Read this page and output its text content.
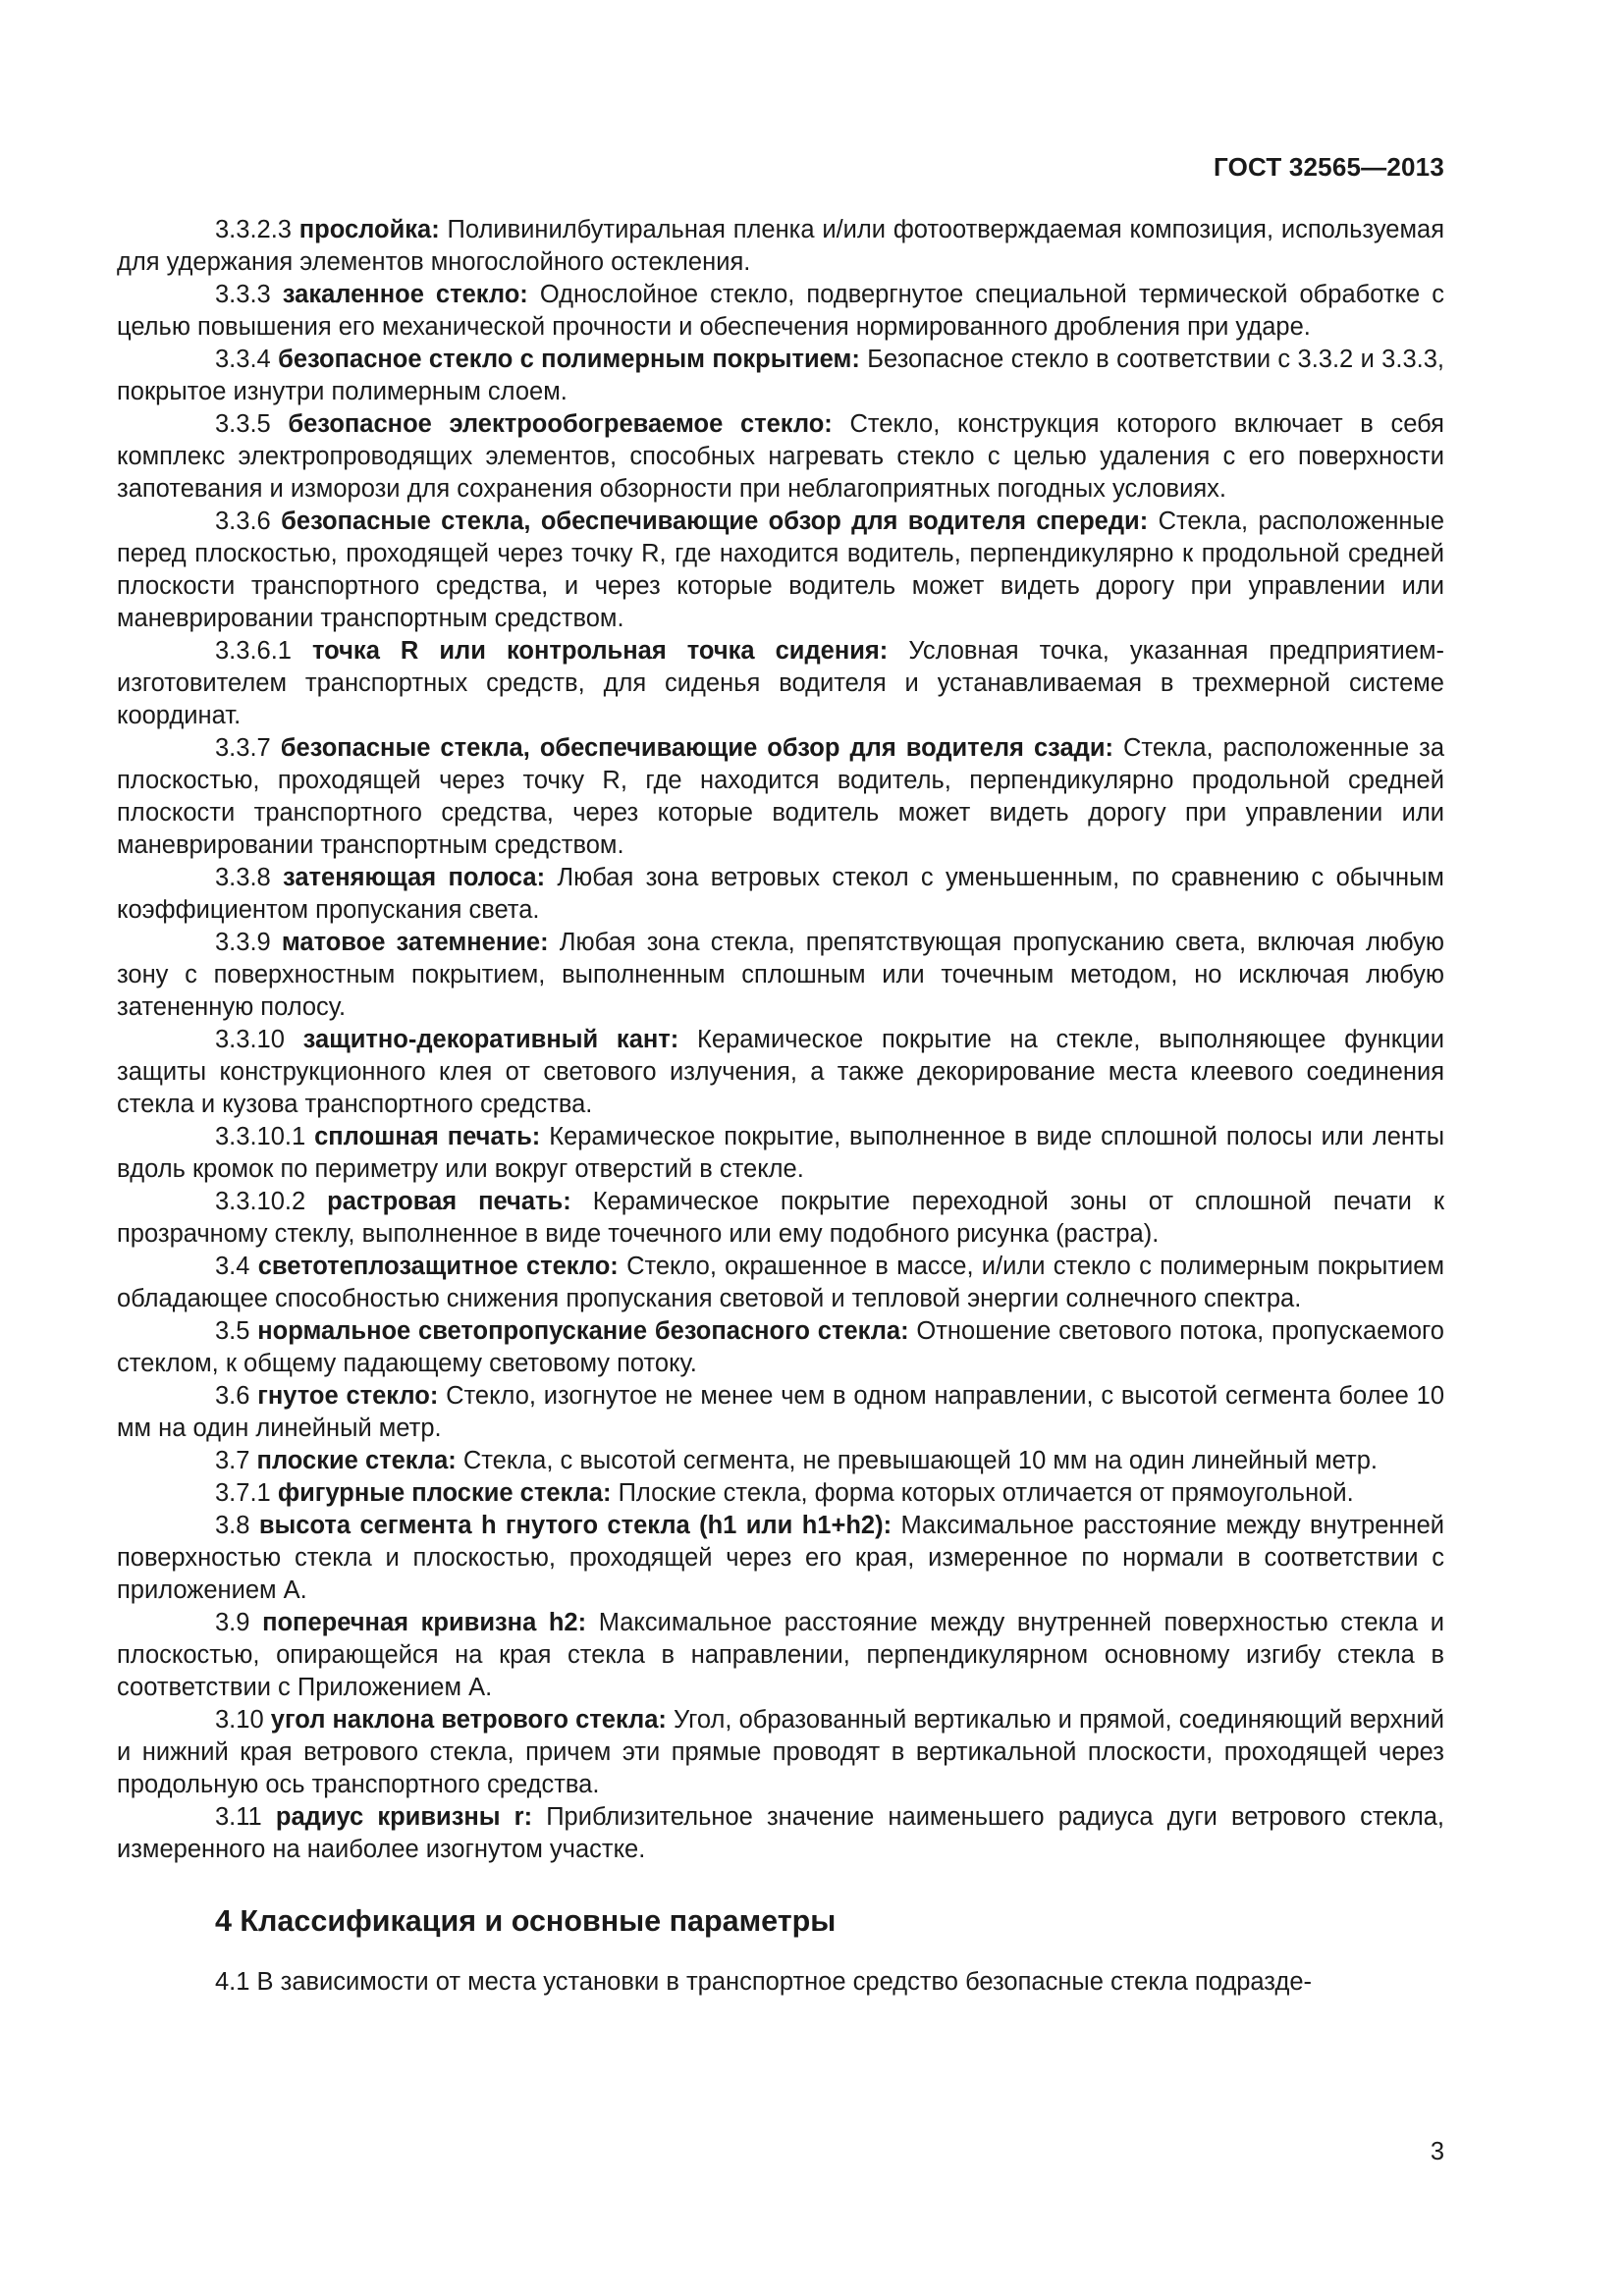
ГОСТ 32565—2013

3.3.2.3 прослойка: Поливинилбутиральная пленка и/или фотоотверждаемая композиция, используемая для удержания элементов многослойного остекления.

3.3.3 закаленное стекло: Однослойное стекло, подвергнутое специальной термической обработке с целью повышения его механической прочности и обеспечения нормированного дробления при ударе.

3.3.4 безопасное стекло с полимерным покрытием: Безопасное стекло в соответствии с 3.3.2 и 3.3.3, покрытое изнутри полимерным слоем.

3.3.5 безопасное электрообогреваемое стекло: Стекло, конструкция которого включает в себя комплекс электропроводящих элементов, способных нагревать стекло с целью удаления с его поверхности запотевания и изморози для сохранения обзорности при неблагоприятных погодных условиях.

3.3.6 безопасные стекла, обеспечивающие обзор для водителя спереди: Стекла, расположенные перед плоскостью, проходящей через точку R, где находится водитель, перпендикулярно к продольной средней плоскости транспортного средства, и через которые водитель может видеть дорогу при управлении или маневрировании транспортным средством.

3.3.6.1 точка R или контрольная точка сидения: Условная точка, указанная предприятием-изготовителем транспортных средств, для сиденья водителя и устанавливаемая в трехмерной системе координат.

3.3.7 безопасные стекла, обеспечивающие обзор для водителя сзади: Стекла, расположенные за плоскостью, проходящей через точку R, где находится водитель, перпендикулярно продольной средней плоскости транспортного средства, через которые водитель может видеть дорогу при управлении или маневрировании транспортным средством.

3.3.8 затеняющая полоса: Любая зона ветровых стекол с уменьшенным, по сравнению с обычным коэффициентом пропускания света.

3.3.9 матовое затемнение: Любая зона стекла, препятствующая пропусканию света, включая любую зону с поверхностным покрытием, выполненным сплошным или точечным методом, но исключая любую затененную полосу.

3.3.10 защитно-декоративный кант: Керамическое покрытие на стекле, выполняющее функции защиты конструкционного клея от светового излучения, а также декорирование места клеевого соединения стекла и кузова транспортного средства.

3.3.10.1 сплошная печать: Керамическое покрытие, выполненное в виде сплошной полосы или ленты вдоль кромок по периметру или вокруг отверстий в стекле.

3.3.10.2 растровая печать: Керамическое покрытие переходной зоны от сплошной печати к прозрачному стеклу, выполненное в виде точечного или ему подобного рисунка (растра).

3.4 светотеплозащитное стекло: Стекло, окрашенное в массе, и/или стекло с полимерным покрытием обладающее способностью снижения пропускания световой и тепловой энергии солнечного спектра.

3.5 нормальное светопропускание безопасного стекла: Отношение светового потока, пропускаемого стеклом, к общему падающему световому потоку.

3.6 гнутое стекло: Стекло, изогнутое не менее чем в одном направлении, с высотой сегмента более 10 мм на один линейный метр.

3.7 плоские стекла: Стекла, с высотой сегмента, не превышающей 10 мм на один линейный метр.

3.7.1 фигурные плоские стекла: Плоские стекла, форма которых отличается от прямоугольной.

3.8 высота сегмента h гнутого стекла (h1 или h1+h2): Максимальное расстояние между внутренней поверхностью стекла и плоскостью, проходящей через его края, измеренное по нормали в соответствии с приложением А.

3.9 поперечная кривизна h2: Максимальное расстояние между внутренней поверхностью стекла и плоскостью, опирающейся на края стекла в направлении, перпендикулярном основному изгибу стекла в соответствии с Приложением А.

3.10 угол наклона ветрового стекла: Угол, образованный вертикалью и прямой, соединяющий верхний и нижний края ветрового стекла, причем эти прямые проводят в вертикальной плоскости, проходящей через продольную ось транспортного средства.

3.11 радиус кривизны r: Приблизительное значение наименьшего радиуса дуги ветрового стекла, измеренного на наиболее изогнутом участке.

4 Классификация и основные параметры

4.1 В зависимости от места установки в транспортное средство безопасные стекла подразде-

3
